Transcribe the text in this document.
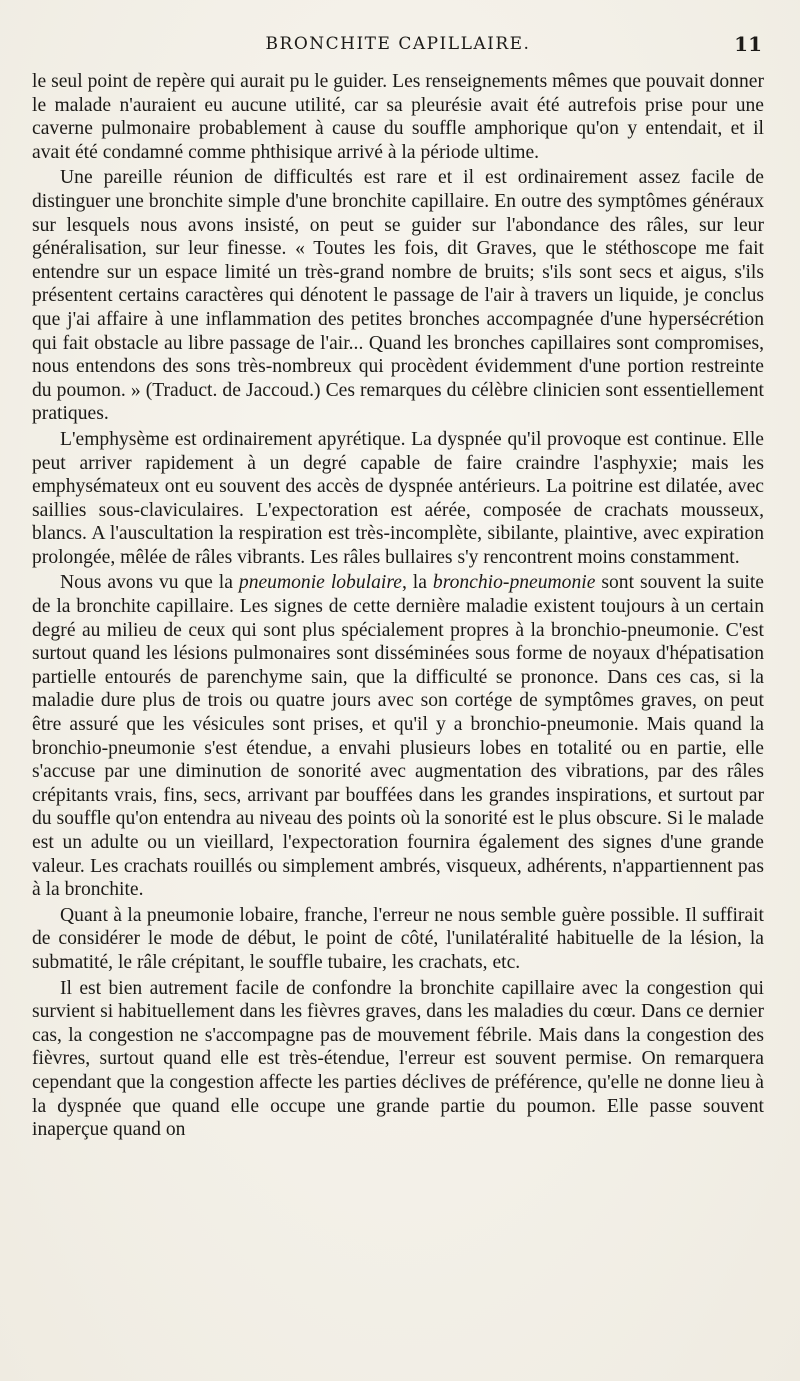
BRONCHITE CAPILLAIRE.	11

le seul point de repère qui aurait pu le guider. Les renseignements mêmes que pouvait donner le malade n'auraient eu aucune utilité, car sa pleurésie avait été autrefois prise pour une caverne pulmonaire probablement à cause du souffle amphorique qu'on y entendait, et il avait été condamné comme phthisique arrivé à la période ultime.

Une pareille réunion de difficultés est rare et il est ordinairement assez facile de distinguer une bronchite simple d'une bronchite capillaire. En outre des symptômes généraux sur lesquels nous avons insisté, on peut se guider sur l'abondance des râles, sur leur généralisation, sur leur finesse. « Toutes les fois, dit Graves, que le stéthoscope me fait entendre sur un espace limité un très-grand nombre de bruits; s'ils sont secs et aigus, s'ils présentent certains caractères qui dénotent le passage de l'air à travers un liquide, je conclus que j'ai affaire à une inflammation des petites bronches accompagnée d'une hypersécrétion qui fait obstacle au libre passage de l'air... Quand les bronches capillaires sont compromises, nous entendons des sons très-nombreux qui procèdent évidemment d'une portion restreinte du poumon. » (Traduct. de Jaccoud.) Ces remarques du célèbre clinicien sont essentiellement pratiques.

L'emphysème est ordinairement apyrétique. La dyspnée qu'il provoque est continue. Elle peut arriver rapidement à un degré capable de faire craindre l'asphyxie; mais les emphysémateux ont eu souvent des accès de dyspnée antérieurs. La poitrine est dilatée, avec saillies sous-claviculaires. L'expectoration est aérée, composée de crachats mousseux, blancs. A l'auscultation la respiration est très-incomplète, sibilante, plaintive, avec expiration prolongée, mêlée de râles vibrants. Les râles bullaires s'y rencontrent moins constamment.

Nous avons vu que la pneumonie lobulaire, la bronchio-pneumonie sont souvent la suite de la bronchite capillaire. Les signes de cette dernière maladie existent toujours à un certain degré au milieu de ceux qui sont plus spécialement propres à la bronchio-pneumonie. C'est surtout quand les lésions pulmonaires sont disséminées sous forme de noyaux d'hépatisation partielle entourés de parenchyme sain, que la difficulté se prononce. Dans ces cas, si la maladie dure plus de trois ou quatre jours avec son cortége de symptômes graves, on peut être assuré que les vésicules sont prises, et qu'il y a bronchio-pneumonie. Mais quand la bronchio-pneumonie s'est étendue, a envahi plusieurs lobes en totalité ou en partie, elle s'accuse par une diminution de sonorité avec augmentation des vibrations, par des râles crépitants vrais, fins, secs, arrivant par bouffées dans les grandes inspirations, et surtout par du souffle qu'on entendra au niveau des points où la sonorité est le plus obscure. Si le malade est un adulte ou un vieillard, l'expectoration fournira également des signes d'une grande valeur. Les crachats rouillés ou simplement ambrés, visqueux, adhérents, n'appartiennent pas à la bronchite.

Quant à la pneumonie lobaire, franche, l'erreur ne nous semble guère possible. Il suffirait de considérer le mode de début, le point de côté, l'unilatéralité habituelle de la lésion, la submatité, le râle crépitant, le souffle tubaire, les crachats, etc.

Il est bien autrement facile de confondre la bronchite capillaire avec la congestion qui survient si habituellement dans les fièvres graves, dans les maladies du cœur. Dans ce dernier cas, la congestion ne s'accompagne pas de mouvement fébrile. Mais dans la congestion des fièvres, surtout quand elle est très-étendue, l'erreur est souvent permise. On remarquera cependant que la congestion affecte les parties déclives de préférence, qu'elle ne donne lieu à la dyspnée que quand elle occupe une grande partie du poumon. Elle passe souvent inaperçue quand on
